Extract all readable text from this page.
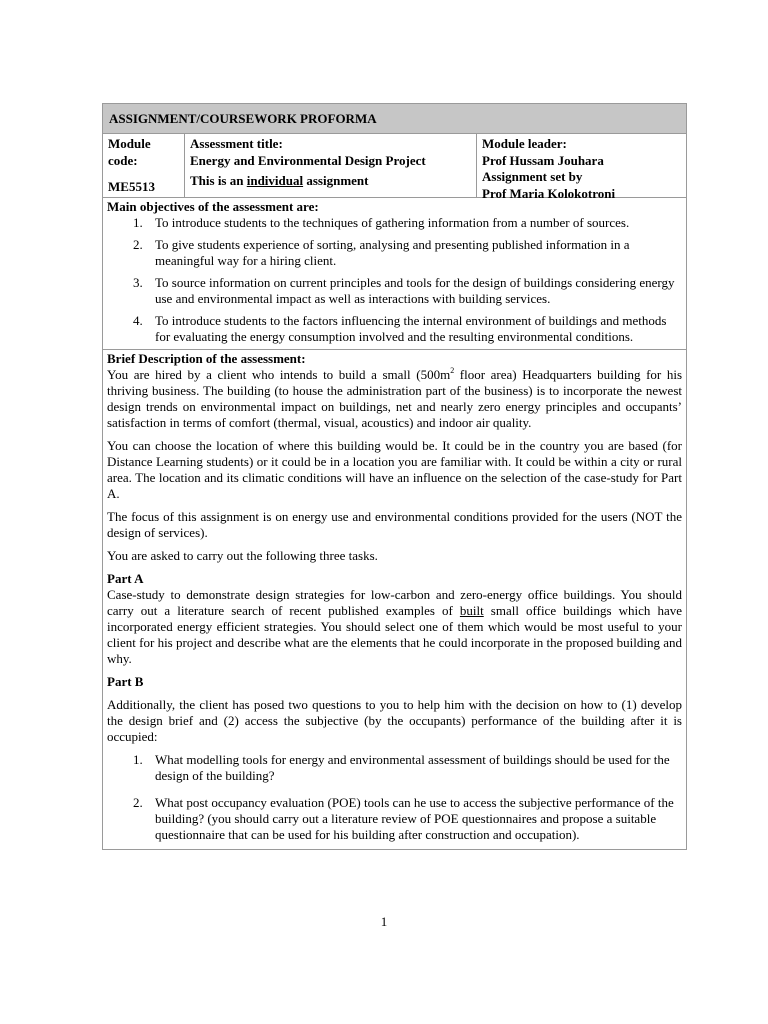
ASSIGNMENT/COURSEWORK PROFORMA
Module
code:
ME5513
Assessment title:
Energy and Environmental Design Project
This is an individual assignment
Module leader:
Prof Hussam Jouhara
Assignment set by
Prof Maria Kolokotroni
Main objectives of the assessment are:
1. To introduce students to the techniques of gathering information from a number of sources.
2. To give students experience of sorting, analysing and presenting published information in a meaningful way for a hiring client.
3. To source information on current principles and tools for the design of buildings considering energy use and environmental impact as well as interactions with building services.
4. To introduce students to the factors influencing the internal environment of buildings and methods for evaluating the energy consumption involved and the resulting environmental conditions.
Brief Description of the assessment:

You are hired by a client who intends to build a small ($500m^2$ floor area) Headquarters building for his thriving business. The building (to house the administration part of the business) is to incorporate the newest design trends on environmental impact on buildings, net and nearly zero energy principles and occupants’ satisfaction in terms of comfort (thermal, visual, acoustics) and indoor air quality.

You can choose the location of where this building would be. It could be in the country you are based (for Distance Learning students) or it could be in a location you are familiar with. It could be within a city or rural area. The location and its climatic conditions will have an influence on the selection of the case-study for Part A.

The focus of this assignment is on energy use and environmental conditions provided for the users (NOT the design of services).

You are asked to carry out the following three tasks.

Part A

Case-study to demonstrate design strategies for low-carbon and zero-energy office buildings. You should carry out a literature search of recent published examples of built small office buildings which have incorporated energy efficient strategies. You should select one of them which would be most useful to your client for his project and describe what are the elements that he could incorporate in the proposed building and why.

Part B

Additionally, the client has posed two questions to you to help him with the decision on how to (1) develop the design brief and (2) access the subjective (by the occupants) performance of the building after it is occupied:

1. What modelling tools for energy and environmental assessment of buildings should be used for the design of the building?
2. What post occupancy evaluation (POE) tools can he use to access the subjective performance of the building? (you should carry out a literature review of POE questionnaires and propose a suitable questionnaire that can be used for his building after construction and occupation).
1
